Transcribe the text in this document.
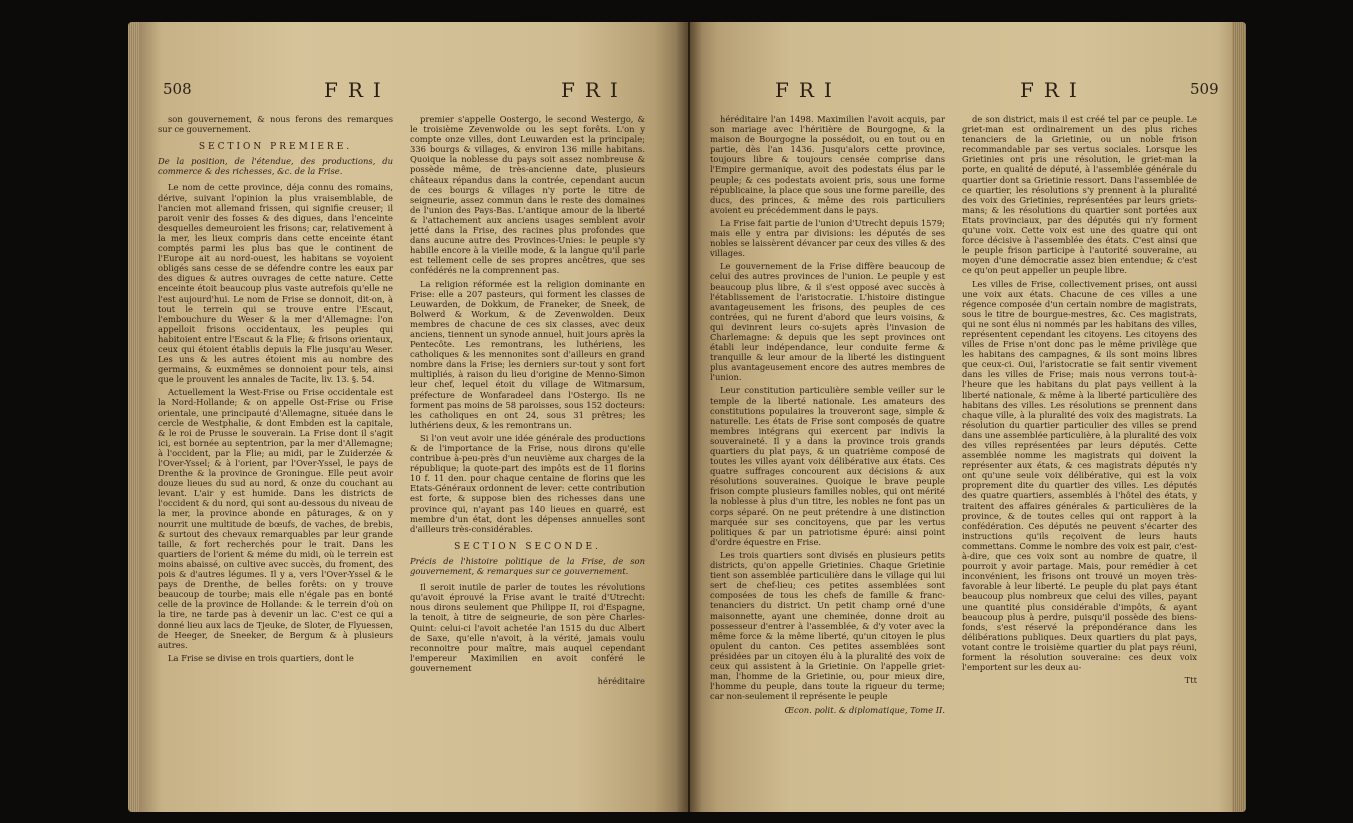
508	FRI	FRI

son gouvernement, & nous ferons des remarques sur ce gouvernement.

SECTION PREMIERE.

De la position, de l'étendue, des productions, du commerce & des richesses, &c. de la Frise.

Le nom de cette province, déja connu des romains, dérive, suivant l'opinion la plus vraisemblable, de l'ancien mot allemand frissen, qui signifie creuser; il paroit venir des fosses & des digues, dans l'enceinte desquelles demeuroient les frisons; car, relativement à la mer, les lieux compris dans cette enceinte étant comptés parmi les plus bas que le continent de l'Europe ait au nord-ouest, les habitans se voyoient obligés sans cesse de se défendre contre les eaux par des digues & autres ouvrages de cette nature. Cette enceinte étoit beaucoup plus vaste autrefois qu'elle ne l'est aujourd'hui. Le nom de Frise se donnoit, dit-on, à tout le terrein qui se trouve entre l'Escaut, l'embouchure du Weser & la mer d'Allemagne: l'on appelloit frisons occidentaux, les peuples qui habitoient entre l'Escaut & la Flie; & frisons orientaux, ceux qui étoient établis depuis la Flie jusqu'au Weser. Les uns & les autres étoient mis au nombre des germains, & euxmêmes se donnoient pour tels, ainsi que le prouvent les annales de Tacite, liv. 13. §. 54.

Actuellement la West-Frise ou Frise occidentale est la Nord-Hollande; & on appelle Ost-Frise ou Frise orientale, une principauté d'Allemagne, située dans le cercle de Westphalie, & dont Embden est la capitale, & le roi de Prusse le souverain. La Frise dont il s'agit ici, est bornée au septentrion, par la mer d'Allemagne; à l'occident, par la Flie; au midi, par le Zuiderzée & l'Over-Yssel; & à l'orient, par l'Over-Yssel, le pays de Drenthe & la province de Groningue. Elle peut avoir douze lieues du sud au nord, & onze du couchant au levant. L'air y est humide. Dans les districts de l'occident & du nord, qui sont au-dessous du niveau de la mer, la province abonde en pâturages, & on y nourrit une multitude de bœufs, de vaches, de brebis, & surtout des chevaux remarquables par leur grande taille, & fort recherchés pour le trait. Dans les quartiers de l'orient & méme du midi, où le terrein est moins abaissé, on cultive avec succès, du froment, des pois & d'autres légumes. Il y a, vers l'Over-Yssel & le pays de Drenthe, de belles forêts: on y trouve beaucoup de tourbe; mais elle n'égale pas en bonté celle de la province de Hollande: & le terrein d'où on la tire, ne tarde pas à devenir un lac. C'est ce qui a donné lieu aux lacs de Tjeuke, de Sloter, de Flyuessen, de Heeger, de Sneeker, de Bergum & à plusieurs autres.

La Frise se divise en trois quartiers, dont le

premier s'appelle Oostergo, le second Westergo, & le troisième Zevenwolde ou les sept forêts. L'on y compte onze villes, dont Leuwarden est la principale; 336 bourgs & villages, & environ 136 mille habitans. Quoique la noblesse du pays soit assez nombreuse & possède même, de très-ancienne date, plusieurs châteaux répandus dans la contrée, cependant aucun de ces bourgs & villages n'y porte le titre de seigneurie, assez commun dans le reste des domaines de l'union des Pays-Bas. L'antique amour de la liberté & l'attachement aux anciens usages semblent avoir jetté dans la Frise, des racines plus profondes que dans aucune autre des Provinces-Unies: le peuple s'y habille encore à la vieille mode, & la langue qu'il parle est tellement celle de ses propres ancêtres, que ses confédérés ne la comprennent pas.

La religion réformée est la religion dominante en Frise: elle a 207 pasteurs, qui forment les classes de Leuwarden, de Dokkum, de Franeker, de Sneek, de Bolwerd & Workum, & de Zevenwolden. Deux membres de chacune de ces six classes, avec deux anciens, tiennent un synode annuel, huit jours après la Pentecôte. Les remontrans, les luthériens, les catholiques & les mennonites sont d'ailleurs en grand nombre dans la Frise; les derniers sur-tout y sont fort multipliés, à raison du lieu d'origine de Menno-Simon leur chef, lequel étoit du village de Witmarsum, préfecture de Wonfaradeel dans l'Ostergo. Ils ne forment pas moins de 58 paroisses, sous 152 docteurs: les catholiques en ont 24, sous 31 prêtres; les luthériens deux, & les remontrans un.

Si l'on veut avoir une idée générale des productions & de l'importance de la Frise, nous dirons qu'elle contribue à-peu-près d'un neuvième aux charges de la république; la quote-part des impôts est de 11 florins 10 f. 11 den. pour chaque centaine de florins que les Etats-Généraux ordonnent de lever: cette contribution est forte, & suppose bien des richesses dans une province qui, n'ayant pas 140 lieues en quarré, est membre d'un état, dont les dépenses annuelles sont d'ailleurs très-considérables.

SECTION SECONDE.

Précis de l'histoire politique de la Frise, de son gouvernement, & remarques sur ce gouvernement.

Il seroit inutile de parler de toutes les révolutions qu'avoit éprouvé la Frise avant le traité d'Utrecht: nous dirons seulement que Philippe II, roi d'Espagne, la tenoit, à titre de seigneurie, de son père Charles-Quint: celui-ci l'avoit achetée l'an 1515 du duc Albert de Saxe, qu'elle n'avoit, à la vérité, jamais voulu reconnoitre pour maître, mais auquel cependant l'empereur Maximilien en avoit conféré le gouvernement

héréditaire

FRI	FRI	509

héréditaire l'an 1498. Maximilien l'avoit acquis, par son mariage avec l'héritière de Bourgogne, & la maison de Bourgogne la possédoit, ou en tout ou en partie, dès l'an 1436. Jusqu'alors cette province, toujours libre & toujours censée comprise dans l'Empire germanique, avoit des podestats élus par le peuple; & ces podestats avoient pris, sous une forme républicaine, la place que sous une forme pareille, des ducs, des princes, & même des rois particuliers avoient eu précédemment dans le pays.

La Frise fait partie de l'union d'Utrecht depuis 1579; mais elle y entra par divisions: les députés de ses nobles se laissèrent dévancer par ceux des villes & des villages.

Le gouvernement de la Frise diffère beaucoup de celui des autres provinces de l'union. Le peuple y est beaucoup plus libre, & il s'est opposé avec succès à l'établissement de l'aristocratie. L'histoire distingue avantageusement les frisons, des peuples de ces contrées, qui ne furent d'abord que leurs voisins, & qui devinrent leurs co-sujets après l'invasion de Charlemagne: & depuis que les sept provinces ont établi leur indépendance, leur conduite ferme & tranquille & leur amour de la liberté les distinguent plus avantageusement encore des autres membres de l'union.

Leur constitution particulière semble veiller sur le temple de la liberté nationale. Les amateurs des constitutions populaires la trouveront sage, simple & naturelle. Les états de Frise sont composés de quatre membres intégrans qui exercent par indivis la souveraineté. Il y a dans la province trois grands quartiers du plat pays, & un quatrième composé de toutes les villes ayant voix délibérative aux états. Ces quatre suffrages concourent aux décisions & aux résolutions souveraines. Quoique le brave peuple frison compte plusieurs familles nobles, qui ont mérité la noblesse à plus d'un titre, les nobles ne font pas un corps séparé. On ne peut prétendre à une distinction marquée sur ses concitoyens, que par les vertus politiques & par un patriotisme épuré: ainsi point d'ordre équestre en Frise.

Les trois quartiers sont divisés en plusieurs petits districts, qu'on appelle Grietinies. Chaque Grietinie tient son assemblée particulière dans le village qui lui sert de chef-lieu; ces petites assemblées sont composées de tous les chefs de famille & franc-tenanciers du district. Un petit champ orné d'une maisonnette, ayant une cheminée, donne droit au possesseur d'entrer à l'assemblée, & d'y voter avec la même force & la même liberté, qu'un citoyen le plus opulent du canton. Ces petites assemblées sont présidées par un citoyen élu à la pluralité des voix de ceux qui assistent à la Grietinie. On l'appelle griet-man, l'homme de la Grietinie, ou, pour mieux dire, l'homme du peuple, dans toute la rigueur du terme; car non-seulement il représente le peuple

Œcon. polit. & diplomatique, Tome II.

de son district, mais il est créé tel par ce peuple. Le griet-man est ordinairement un des plus riches tenanciers de la Grietinie, ou un noble frison recommandable par ses vertus sociales. Lorsque les Grietinies ont pris une résolution, le griet-man la porte, en qualité de député, à l'assemblée générale du quartier dont sa Grietinie ressort. Dans l'assemblée de ce quartier, les résolutions s'y prennent à la pluralité des voix des Grietinies, représentées par leurs griets-mans; & les résolutions du quartier sont portées aux Etats provinciaux, par des députés qui n'y forment qu'une voix. Cette voix est une des quatre qui ont force décisive à l'assemblée des états. C'est ainsi que le peuple frison participe à l'autorité souveraine, au moyen d'une démocratie assez bien entendue; & c'est ce qu'on peut appeller un peuple libre.

Les villes de Frise, collectivement prises, ont aussi une voix aux états. Chacune de ces villes a une régence composée d'un certain nombre de magistrats, sous le titre de bourgue-mestres, &c. Ces magistrats, qui ne sont élus ni nommés par les habitans des villes, représentent cependant les citoyens. Les citoyens des villes de Frise n'ont donc pas le même privilège que les habitans des campagnes, & ils sont moins libres que ceux-ci. Oui, l'aristocratie se fait sentir vivement dans les villes de Frise; mais nous verrons tout-à-l'heure que les habitans du plat pays veillent à la liberté nationale, & même à la liberté particulière des habitans des villes. Les résolutions se prennent dans chaque ville, à la pluralité des voix des magistrats. La résolution du quartier particulier des villes se prend dans une assemblée particulière, à la pluralité des voix des villes représentées par leurs députés. Cette assemblée nomme les magistrats qui doivent la représenter aux états, & ces magistrats députés n'y ont qu'une seule voix délibérative, qui est la voix proprement dite du quartier des villes. Les députés des quatre quartiers, assemblés à l'hôtel des états, y traitent des affaires générales & particulières de la province, & de toutes celles qui ont rapport à la confédération. Ces députés ne peuvent s'écarter des instructions qu'ils reçoivent de leurs hauts commettans. Comme le nombre des voix est pair, c'est-à-dire, que ces voix sont au nombre de quatre, il pourroit y avoir partage. Mais, pour remédier à cet inconvénient, les frisons ont trouvé un moyen très-favorable à leur liberté. Le peuple du plat pays étant beaucoup plus nombreux que celui des villes, payant une quantité plus considérable d'impôts, & ayant beaucoup plus à perdre, puisqu'il possède des biens-fonds, s'est réservé la prépondérance dans les délibérations publiques. Deux quartiers du plat pays, votant contre le troisième quartier du plat pays réuni, forment la résolution souveraine: ces deux voix l'emportent sur les deux au-

Ttt
